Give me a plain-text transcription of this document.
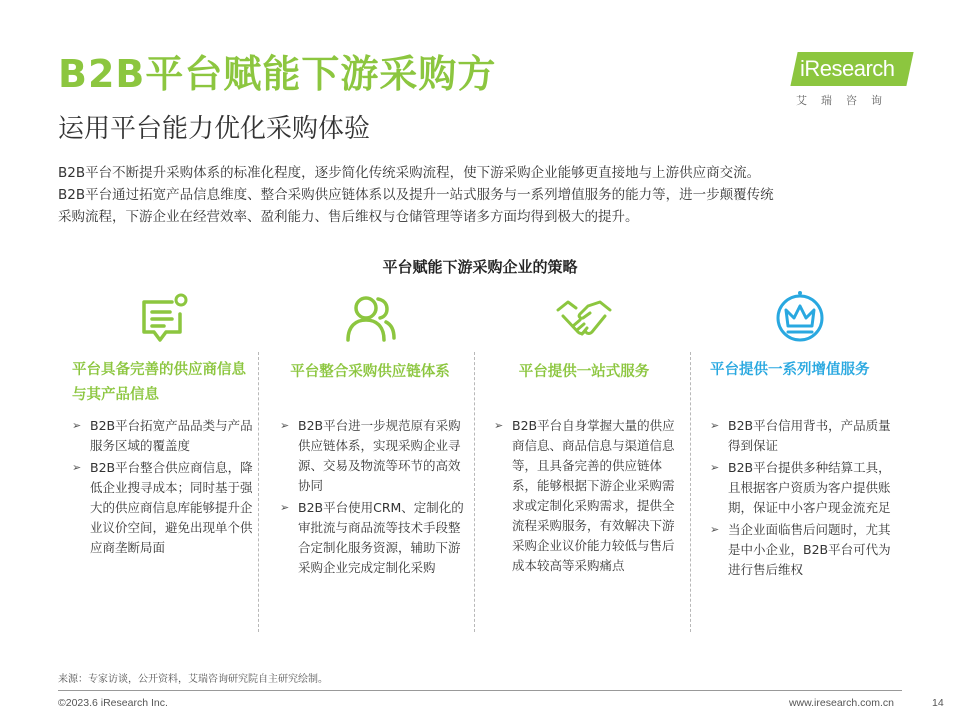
B2B平台赋能下游采购方
运用平台能力优化采购体验
iResearch
艾瑞咨询

B2B平台不断提升采购体系的标准化程度，逐步简化传统采购流程，使下游采购企业能够更直接地与上游供应商交流。

B2B平台通过拓宽产品信息维度、整合采购供应链体系以及提升一站式服务与一系列增值服务的能力等，进一步颠覆传统

采购流程，下游企业在经营效率、盈利能力、售后维权与仓储管理等诸多方面均得到极大的提升。

平台赋能下游采购企业的策略
平台具备完善的供应商信息与其产品信息
➢ B2B平台拓宽产品品类与产品服务区域的覆盖度
➢ B2B平台整合供应商信息，降低企业搜寻成本；同时基于强大的供应商信息库能够提升企业议价空间，避免出现单个供应商垄断局面
平台整合采购供应链体系
➢ B2B平台进一步规范原有采购供应链体系，实现采购企业寻源、交易及物流等环节的高效协同
➢ B2B平台使用CRM、定制化的审批流与商品流等技术手段整合定制化服务资源，辅助下游采购企业完成定制化采购
平台提供一站式服务
➢ B2B平台自身掌握大量的供应商信息、商品信息与渠道信息等，且具备完善的供应链体系，能够根据下游企业采购需求或定制化采购需求，提供全流程采购服务，有效解决下游采购企业议价能力较低与售后成本较高等采购痛点
平台提供一系列增值服务
➢ B2B平台信用背书，产品质量得到保证
➢ B2B平台提供多种结算工具，且根据客户资质为客户提供账期，保证中小客户现金流充足
➢ 当企业面临售后问题时，尤其是中小企业，B2B平台可代为进行售后维权
来源：专家访谈，公开资料，艾瑞咨询研究院自主研究绘制。
©2023.6 iResearch Inc.	www.iresearch.com.cn	14
